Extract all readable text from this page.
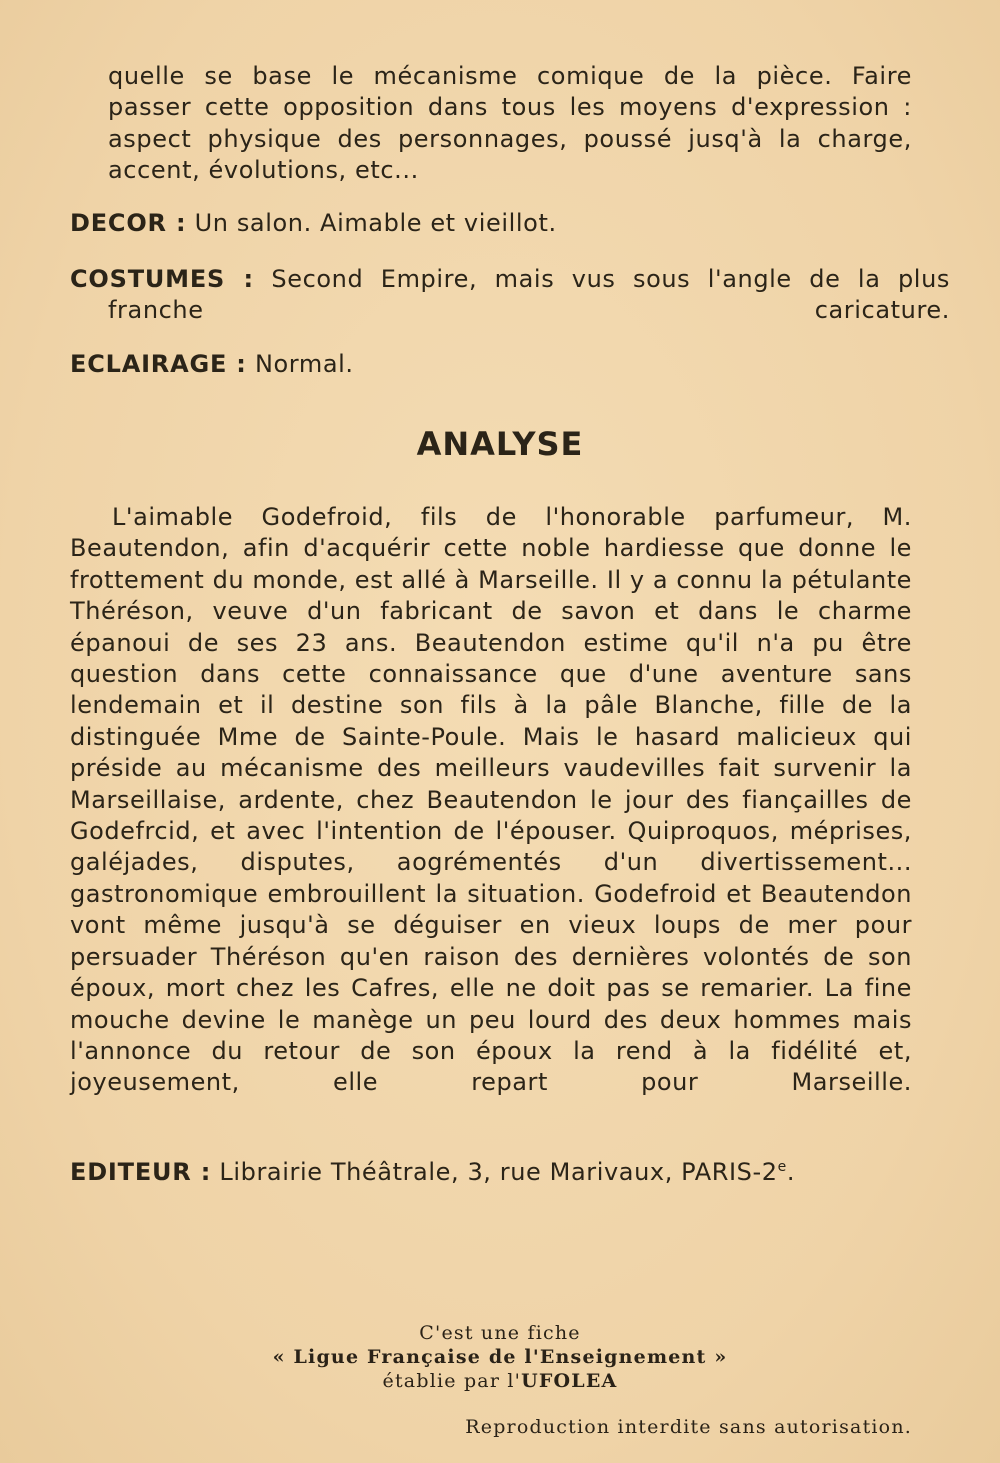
quelle se base le mécanisme comique de la pièce. Faire
passer cette opposition dans tous les moyens d'expression :
aspect physique des personnages, poussé jusq'à la charge,
accent, évolutions, etc...
DECOR : Un salon. Aimable et vieillot.
COSTUMES : Second Empire, mais vus sous l'angle de la plus franche caricature.
ECLAIRAGE : Normal.
ANALYSE
L'aimable Godefroid, fils de l'honorable parfumeur, M. Beautendon, afin d'acquérir cette noble hardiesse que donne le frottement du monde, est allé à Marseille. Il y a connu la pétulante Théréson, veuve d'un fabricant de savon et dans le charme épanoui de ses 23 ans. Beautendon estime qu'il n'a pu être question dans cette connaissance que d'une aventure sans lendemain et il destine son fils à la pâle Blanche, fille de la distinguée Mme de Sainte-Poule. Mais le hasard malicieux qui préside au mécanisme des meilleurs vaudevilles fait survenir la Marseillaise, ardente, chez Beautendon le jour des fiançailles de Godefrcid, et avec l'intention de l'épouser. Quiproquos, méprises, galéjades, disputes, aogrémentés d'un divertissement... gastronomique embrouillent la situation. Godefroid et Beautendon vont même jusqu'à se déguiser en vieux loups de mer pour persuader Théréson qu'en raison des dernières volontés de son époux, mort chez les Cafres, elle ne doit pas se remarier. La fine mouche devine le manège un peu lourd des deux hommes mais l'annonce du retour de son époux la rend à la fidélité et, joyeusement, elle repart pour Marseille.
EDITEUR : Librairie Théâtrale, 3, rue Marivaux, PARIS-2e.
C'est une fiche
« Ligue Française de l'Enseignement »
établie par l'UFOLEA
Reproduction interdite sans autorisation.
